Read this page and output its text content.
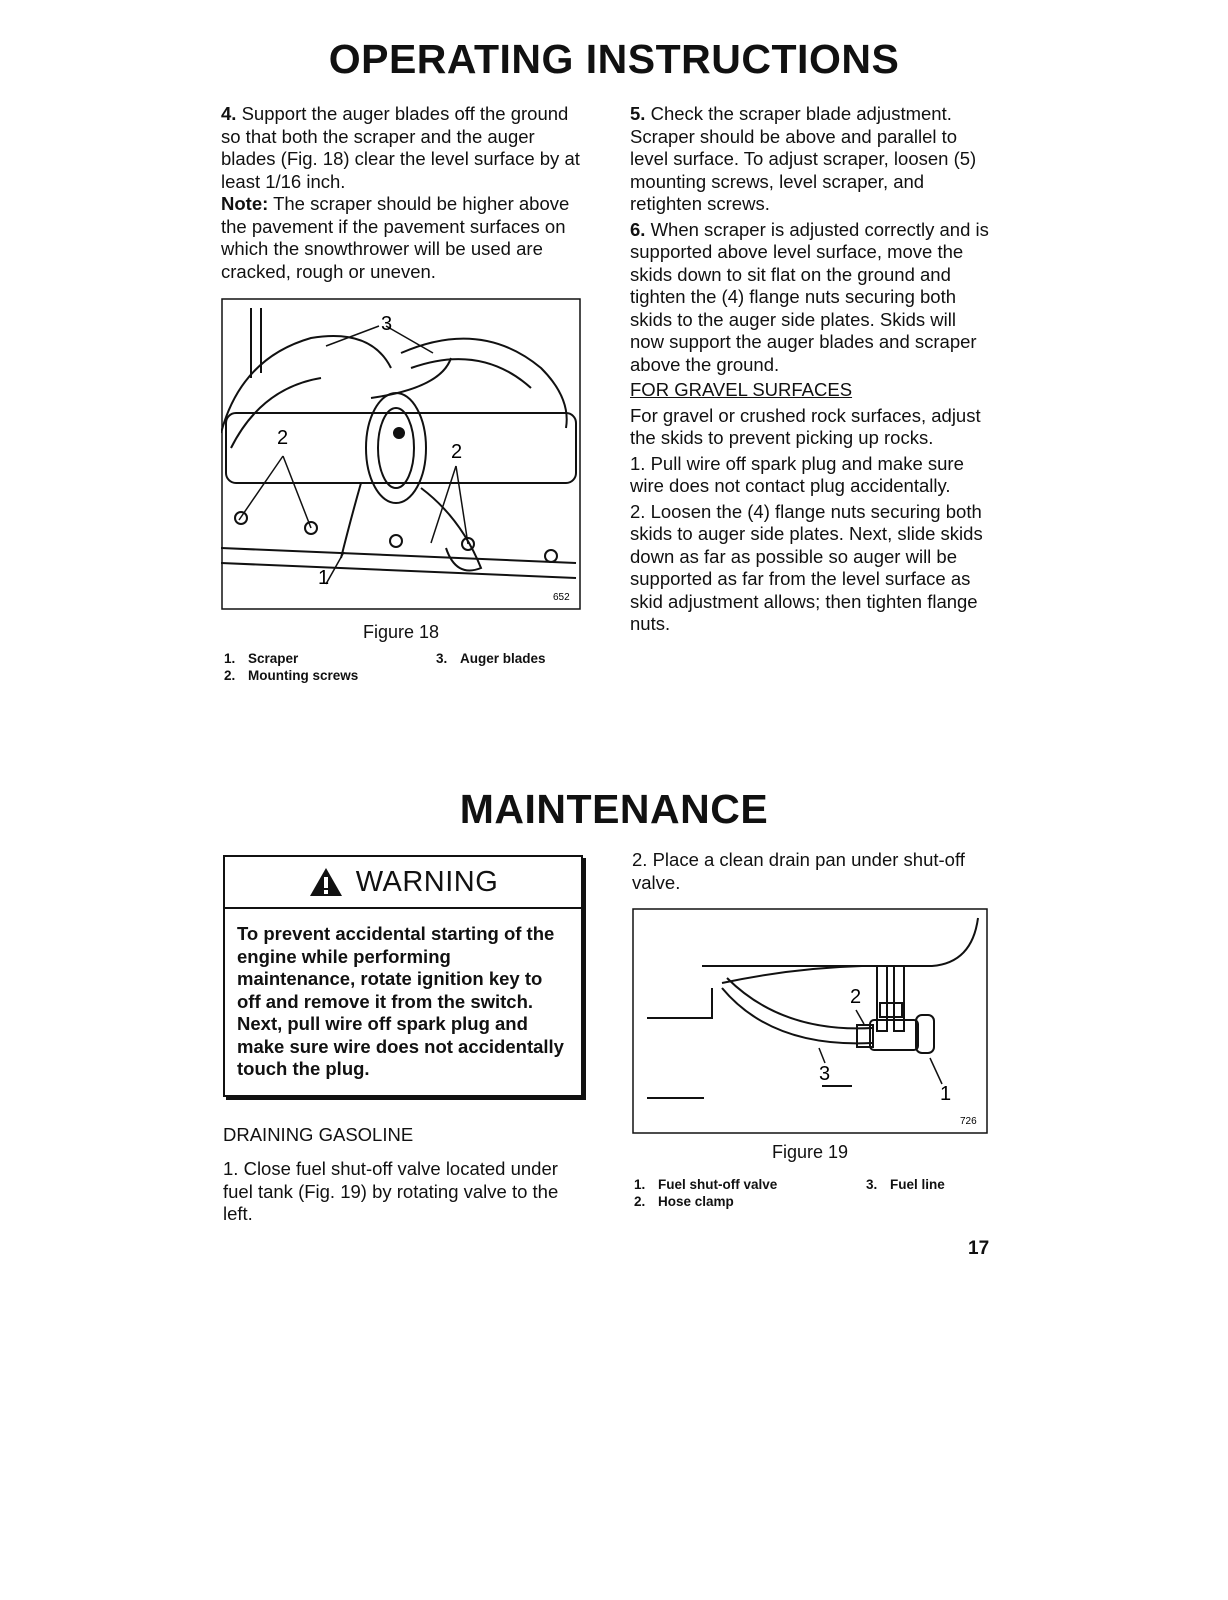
OPERATING INSTRUCTIONS

4. Support the auger blades off the ground so that both the scraper and the auger blades (Fig. 18) clear the level surface by at least 1/16 inch.

Note: The scraper should be higher above the pavement if the pavement surfaces on which the snowthrower will be used are cracked, rough or uneven.

3
2
2
1
652
Figure 18
1. Scraper
2. Mounting screws
3. Auger blades

5. Check the scraper blade adjustment. Scraper should be above and parallel to level surface. To adjust scraper, loosen (5) mounting screws, level scraper, and retighten screws.

6. When scraper is adjusted correctly and is supported above level surface, move the skids down to sit flat on the ground and tighten the (4) flange nuts securing both skids to the auger side plates. Skids will now support the auger blades and scraper above the ground.

FOR GRAVEL SURFACES

For gravel or crushed rock surfaces, adjust the skids to prevent picking up rocks.

1. Pull wire off spark plug and make sure wire does not contact plug accidentally.

2. Loosen the (4) flange nuts securing both skids to auger side plates. Next, slide skids down as far as possible so auger will be supported as far from the level surface as skid adjustment allows; then tighten flange nuts.

MAINTENANCE
WARNING
To prevent accidental starting of the engine while performing maintenance, rotate ignition key to off and remove it from the switch. Next, pull wire off spark plug and make sure wire does not accidentally touch the plug.
DRAINING GASOLINE

1. Close fuel shut-off valve located under fuel tank (Fig. 19) by rotating valve to the left.

2. Place a clean drain pan under shut-off valve.

2
3
1
726
Figure 19
1. Fuel shut-off valve
2. Hose clamp
3. Fuel line
17
